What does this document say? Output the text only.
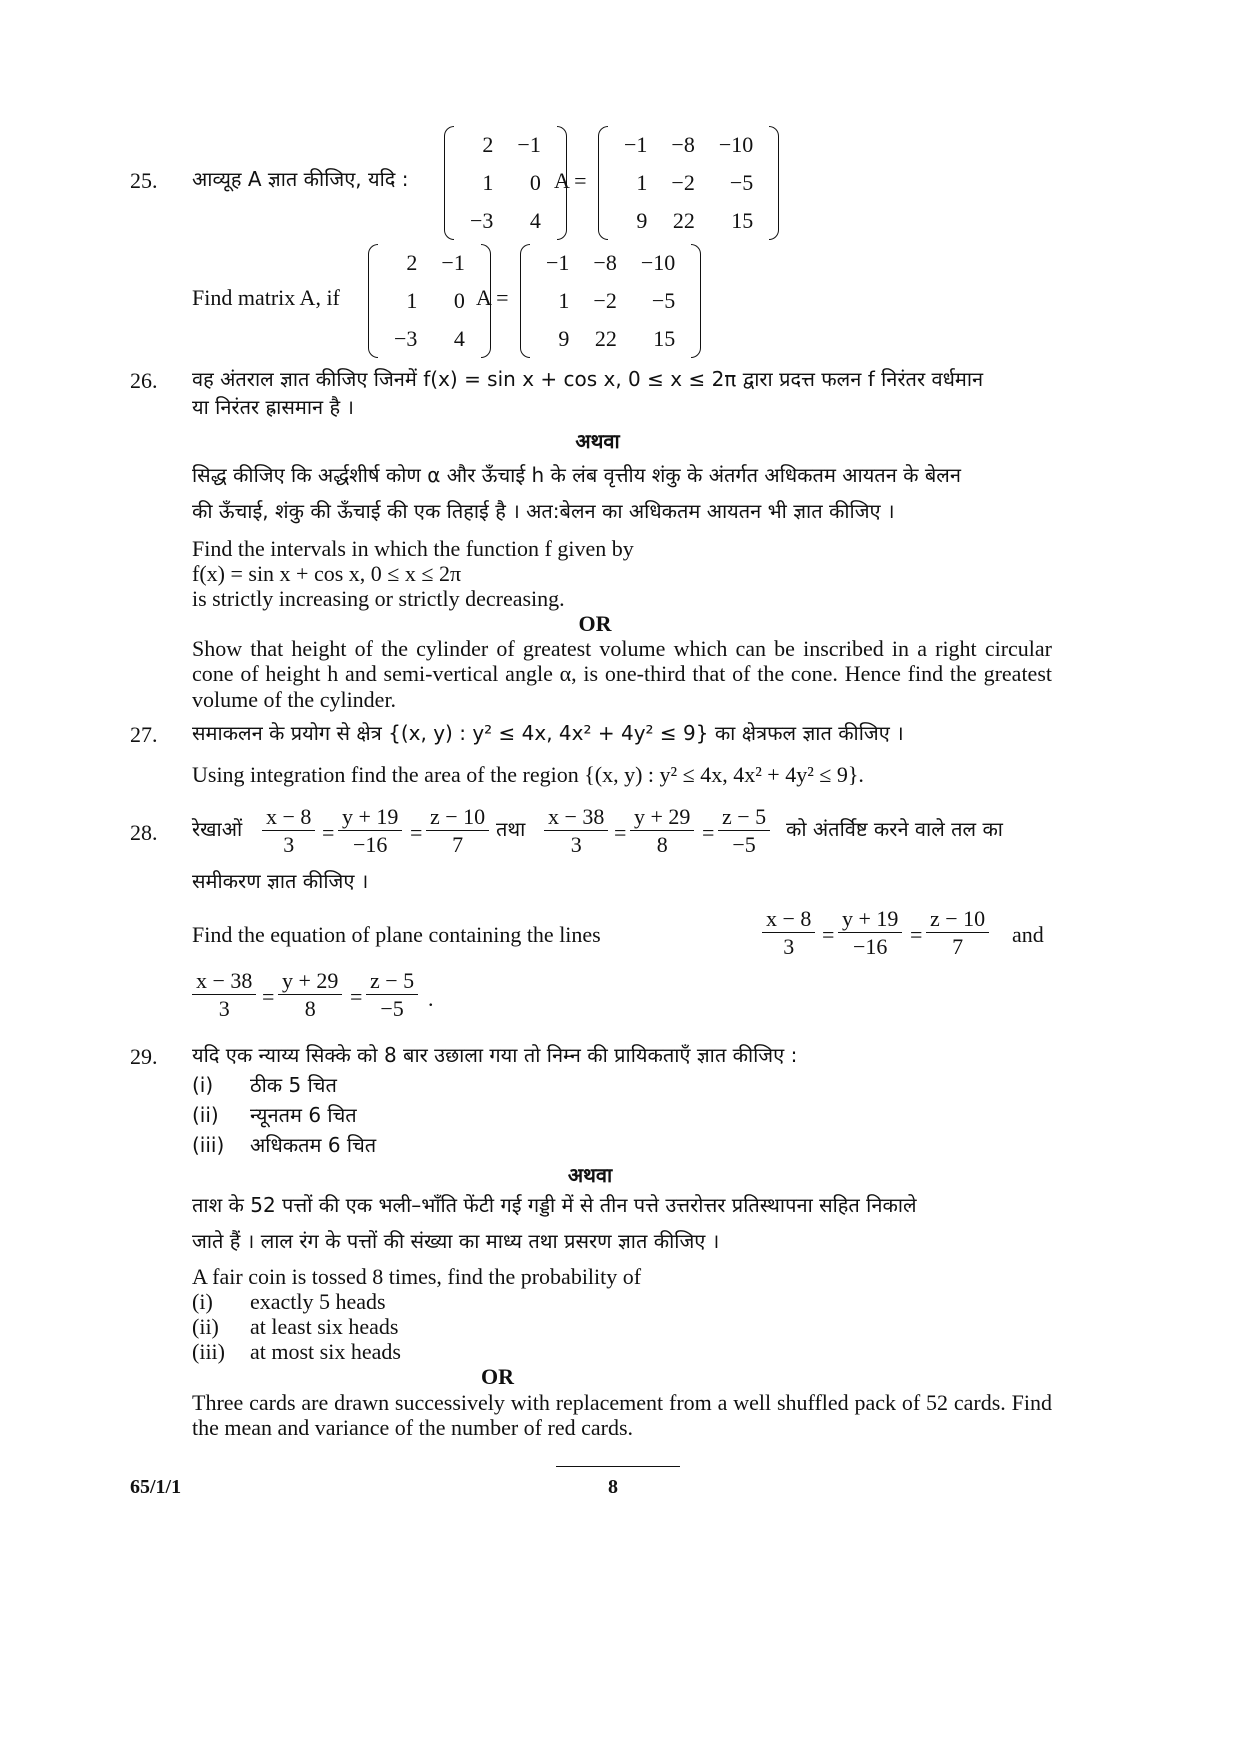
25. आव्यूह A ज्ञात कीजिए, यदि :
2	−1
1	0
−3	4
A =
−1	−8	−10
1	−2	−5
9	22	15
Find matrix A, if
2	−1
1	0
−3	4
A =
−1	−8	−10
1	−2	−5
9	22	15
26. वह अंतराल ज्ञात कीजिए जिनमें f(x) = sin x + cos x, 0 ≤ x ≤ 2π द्वारा प्रदत्त फलन f निरंतर वर्धमान
या निरंतर ह्रासमान है ।
अथवा
सिद्ध कीजिए कि अर्द्धशीर्ष कोण α और ऊँचाई h के लंब वृत्तीय शंकु के अंतर्गत अधिकतम आयतन के बेलन
की ऊँचाई, शंकु की ऊँचाई की एक तिहाई है । अत:बेलन का अधिकतम आयतन भी ज्ञात कीजिए ।
Find the intervals in which the function f given by
f(x) = sin x + cos x, 0 ≤ x ≤ 2π
is strictly increasing or strictly decreasing.
OR
Show that height of the cylinder of greatest volume which can be inscribed in a right circular cone of height h and semi-vertical angle α, is one-third that of the cone. Hence find the greatest volume of the cylinder.
27. समाकलन के प्रयोग से क्षेत्र {(x, y) : y² ≤ 4x, 4x² + 4y² ≤ 9} का क्षेत्रफल ज्ञात कीजिए ।
Using integration find the area of the region {(x, y) : y² ≤ 4x, 4x² + 4y² ≤ 9}.
28. रेखाओं $\frac{x - 8}{3} = \frac{y + 19}{-16} = \frac{z - 10}{7}$ तथा $\frac{x - 38}{3} = \frac{y + 29}{8} = \frac{z - 5}{-5}$ को अंतर्विष्ट करने वाले तल का
समीकरण ज्ञात कीजिए ।
Find the equation of plane containing the lines	$\frac{x - 8}{3} = \frac{y + 19}{-16} = \frac{z - 10}{7}$ and
$\frac{x - 38}{3} = \frac{y + 29}{8} = \frac{z - 5}{-5}$ .
29. यदि एक न्याय्य सिक्के को 8 बार उछाला गया तो निम्न की प्रायिकताएँ ज्ञात कीजिए :
(i) ठीक 5 चित
(ii) न्यूनतम 6 चित
(iii) अधिकतम 6 चित
अथवा
ताश के 52 पत्तों की एक भली–भाँति फेंटी गई गड्डी में से तीन पत्ते उत्तरोत्तर प्रतिस्थापना सहित निकाले
जाते हैं । लाल रंग के पत्तों की संख्या का माध्य तथा प्रसरण ज्ञात कीजिए ।
A fair coin is tossed 8 times, find the probability of
(i) exactly 5 heads
(ii) at least six heads
(iii) at most six heads
OR
Three cards are drawn successively with replacement from a well shuffled pack of 52 cards. Find the mean and variance of the number of red cards.
65/1/1	8
